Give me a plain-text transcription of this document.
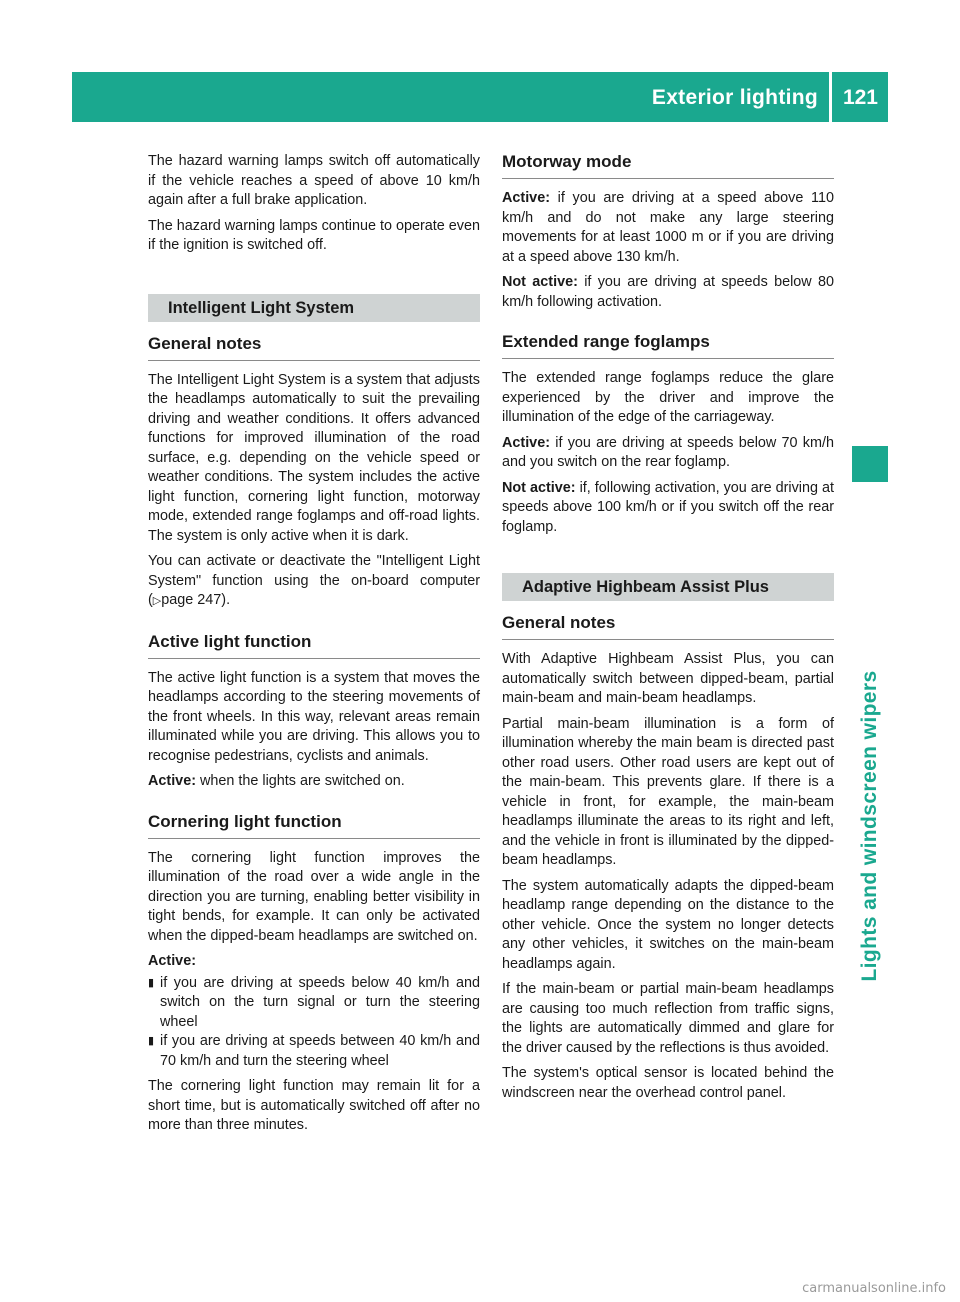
Exterior lighting 121
Lights and windscreen wipers

The hazard warning lamps switch off automatically if the vehicle reaches a speed of above 10 km/h again after a full brake application.

The hazard warning lamps continue to operate even if the ignition is switched off.

Intelligent Light System
General notes

The Intelligent Light System is a system that adjusts the headlamps automatically to suit the prevailing driving and weather conditions. It offers advanced functions for improved illumination of the road surface, e.g. depending on the vehicle speed or weather conditions. The system includes the active light function, cornering light function, motorway mode, extended range foglamps and off-road lights. The system is only active when it is dark.

You can activate or deactivate the "Intelligent Light System" function using the on-board computer (▷page 247).

Active light function

The active light function is a system that moves the headlamps according to the steering movements of the front wheels. In this way, relevant areas remain illuminated while you are driving. This allows you to recognise pedestrians, cyclists and animals.

Active: when the lights are switched on.

Cornering light function

The cornering light function improves the illumination of the road over a wide angle in the direction you are turning, enabling better visibility in tight bends, for example. It can only be activated when the dipped-beam headlamps are switched on.

Active:

▮ if you are driving at speeds below 40 km/h and switch on the turn signal or turn the steering wheel
▮ if you are driving at speeds between 40 km/h and 70 km/h and turn the steering wheel

The cornering light function may remain lit for a short time, but is automatically switched off after no more than three minutes.

Motorway mode

Active: if you are driving at a speed above 110 km/h and do not make any large steering movements for at least 1000 m or if you are driving at a speed above 130 km/h.

Not active: if you are driving at speeds below 80 km/h following activation.

Extended range foglamps

The extended range foglamps reduce the glare experienced by the driver and improve the illumination of the edge of the carriageway.

Active: if you are driving at speeds below 70 km/h and you switch on the rear foglamp.

Not active: if, following activation, you are driving at speeds above 100 km/h or if you switch off the rear foglamp.

Adaptive Highbeam Assist Plus
General notes

With Adaptive Highbeam Assist Plus, you can automatically switch between dipped-beam, partial main-beam and main-beam headlamps.

Partial main-beam illumination is a form of illumination whereby the main beam is directed past other road users. Other road users are kept out of the main-beam. This prevents glare. If there is a vehicle in front, for example, the main-beam headlamps illuminate the areas to its right and left, and the vehicle in front is illuminated by the dipped-beam headlamps.

The system automatically adapts the dipped-beam headlamp range depending on the distance to the other vehicle. Once the system no longer detects any other vehicles, it switches on the main-beam headlamps again.

If the main-beam or partial main-beam headlamps are causing too much reflection from traffic signs, the lights are automatically dimmed and glare for the driver caused by the reflections is thus avoided.

The system's optical sensor is located behind the windscreen near the overhead control panel.

carmanualsonline.info
